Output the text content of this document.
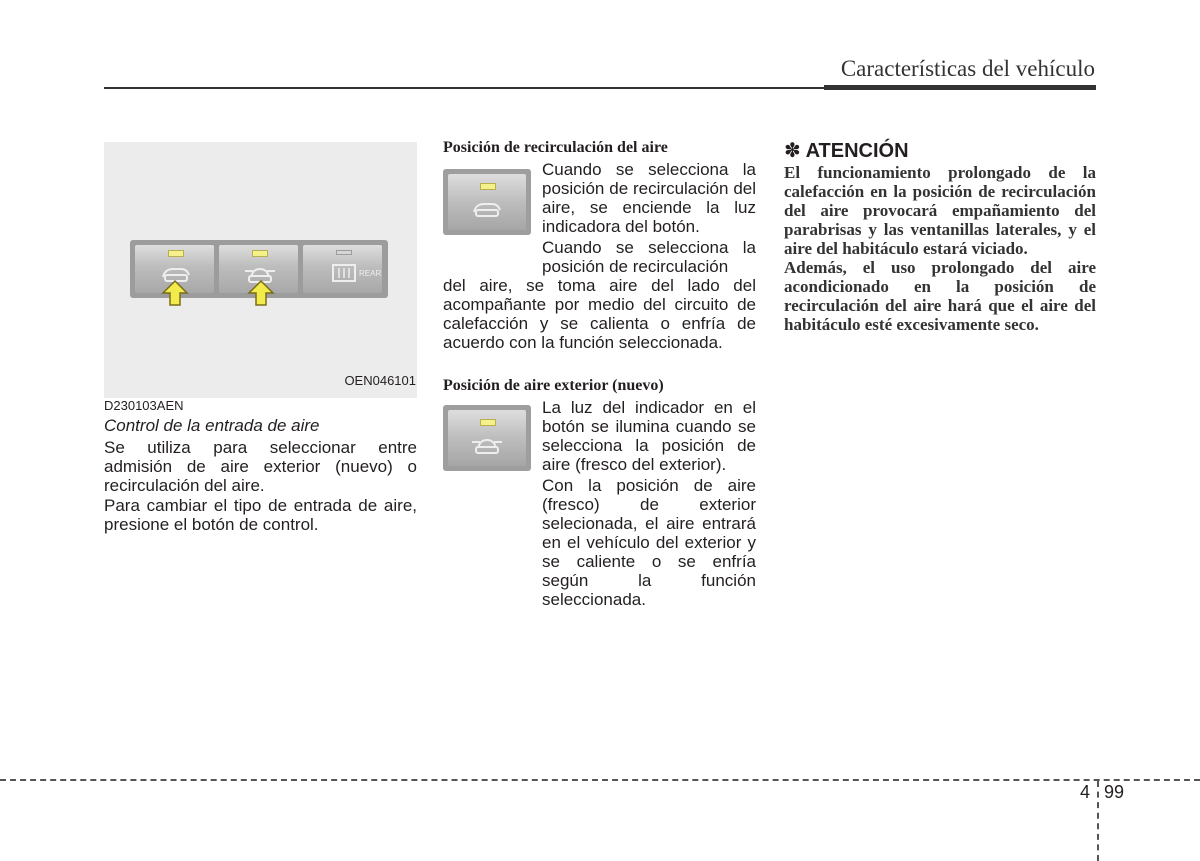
Características del vehículo
REAR
OEN046101
D230103AEN
Control de la entrada de aire
Se utiliza para seleccionar entre admisión de aire exterior (nuevo) o recirculación del aire.
Para cambiar el tipo de entrada de aire, presione el botón de control.
Posición de recirculación del aire
Cuando se selecciona la posición de recirculación del aire, se enciende la luz indicadora del botón.
Cuando se selecciona la posición de recirculación
del aire, se toma aire del lado del acompañante por medio del circuito de calefacción y se calienta o enfría de acuerdo con la función seleccionada.
Posición de aire exterior (nuevo)
La luz del indicador en el botón se ilumina cuando se selecciona la posición de aire (fresco del exterior).
Con la posición de aire (fresco) de exterior selecionada, el aire entrará en el vehículo del exterior y se caliente o se enfría según la función seleccionada.
✽ ATENCIÓN
El funcionamiento prolongado de la calefacción en la posición de recirculación del aire provocará empañamiento del parabrisas y las ventanillas laterales, y el aire del habitáculo estará viciado.
Además, el uso prolongado del aire acondicionado en la posición de recirculación del aire hará que el aire del habitáculo esté excesivamente seco.
4 99
